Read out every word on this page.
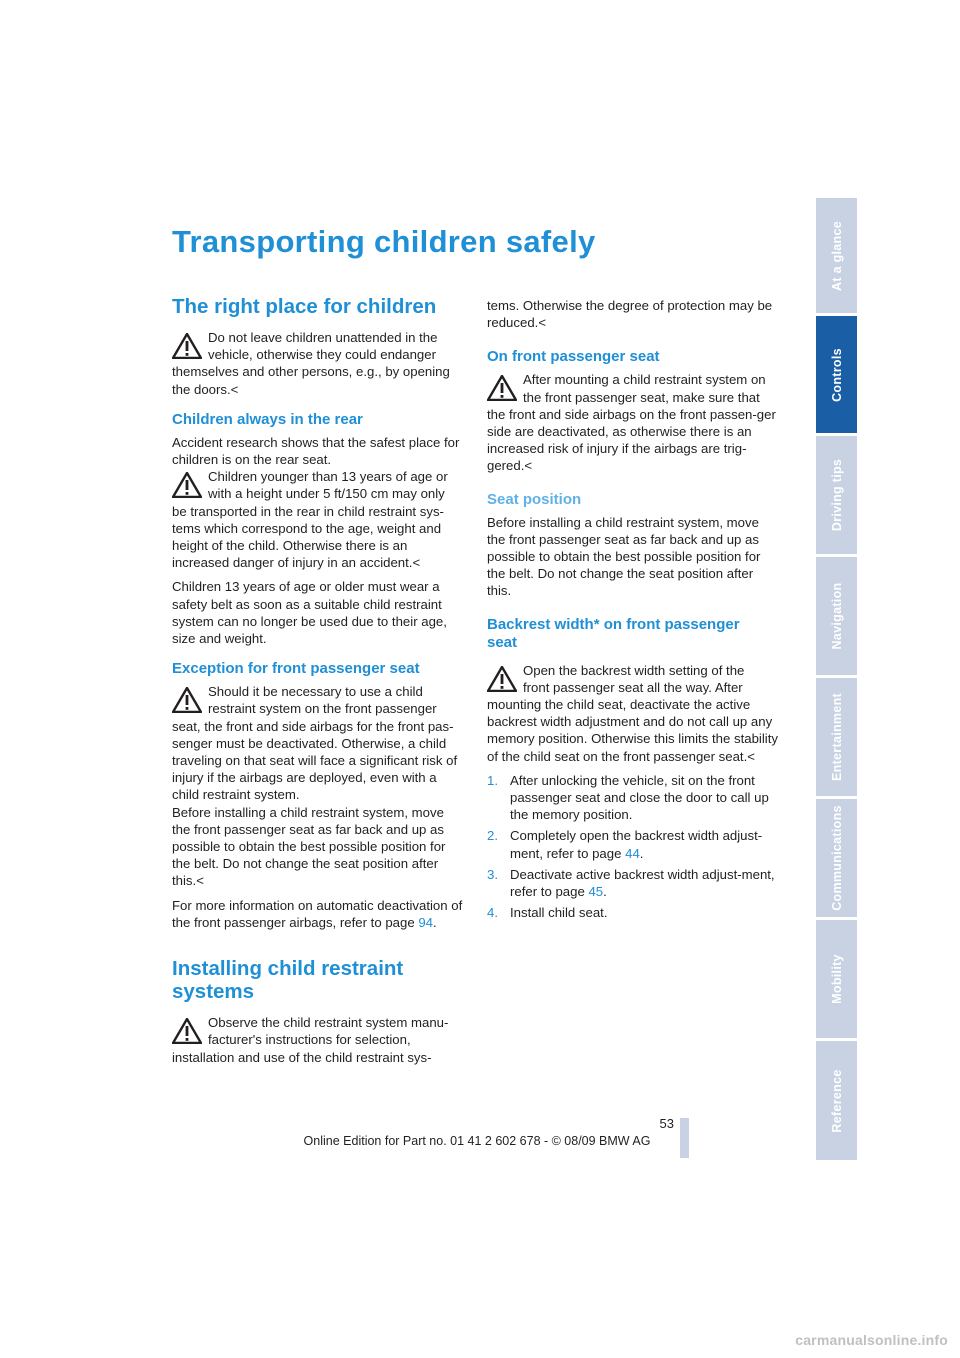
Transporting children safely
The right place for children
Do not leave children unattended in the
vehicle, otherwise they could endanger
themselves and other persons, e.g., by opening the doors.<
Children always in the rear

Accident research shows that the safest place for children is on the rear seat.

Children younger than 13 years of age or
with a height under 5 ft/150 cm may only
be transported in the rear in child restraint sys-tems which correspond to the age, weight and height of the child. Otherwise there is an increased danger of injury in an accident.<

Children 13 years of age or older must wear a safety belt as soon as a suitable child restraint system can no longer be used due to their age, size and weight.

Exception for front passenger seat
Should it be necessary to use a child
restraint system on the front passenger
seat, the front and side airbags for the front pas-senger must be deactivated. Otherwise, a child traveling on that seat will face a significant risk of injury if the airbags are deployed, even with a child restraint system.
Before installing a child restraint system, move the front passenger seat as far back and up as possible to obtain the best possible position for the belt. Do not change the seat position after this.<

For more information on automatic deactivation of the front passenger airbags, refer to page 94.

Installing child restraint systems
Observe the child restraint system manu-
facturer's instructions for selection,
installation and use of the child restraint sys-

tems. Otherwise the degree of protection may be reduced.<

On front passenger seat
After mounting a child restraint system on
the front passenger seat, make sure that
the front and side airbags on the front passen-ger side are deactivated, as otherwise there is an increased risk of injury if the airbags are trig-gered.<
Seat position

Before installing a child restraint system, move the front passenger seat as far back and up as possible to obtain the best possible position for the belt. Do not change the seat position after this.

Backrest width* on front passenger seat
Open the backrest width setting of the
front passenger seat all the way. After
mounting the child seat, deactivate the active backrest width adjustment and do not call up any memory position. Otherwise this limits the stability of the child seat on the front passenger seat.<
1. After unlocking the vehicle, sit on the front passenger seat and close the door to call up the memory position.
2. Completely open the backrest width adjust-ment, refer to page 44.
3. Deactivate active backrest width adjust-ment, refer to page 45.
4. Install child seat.
At a glance
Controls
Driving tips
Navigation
Entertainment
Communications
Mobility
Reference
53
Online Edition for Part no. 01 41 2 602 678 - © 08/09 BMW AG
carmanualsonline.info
